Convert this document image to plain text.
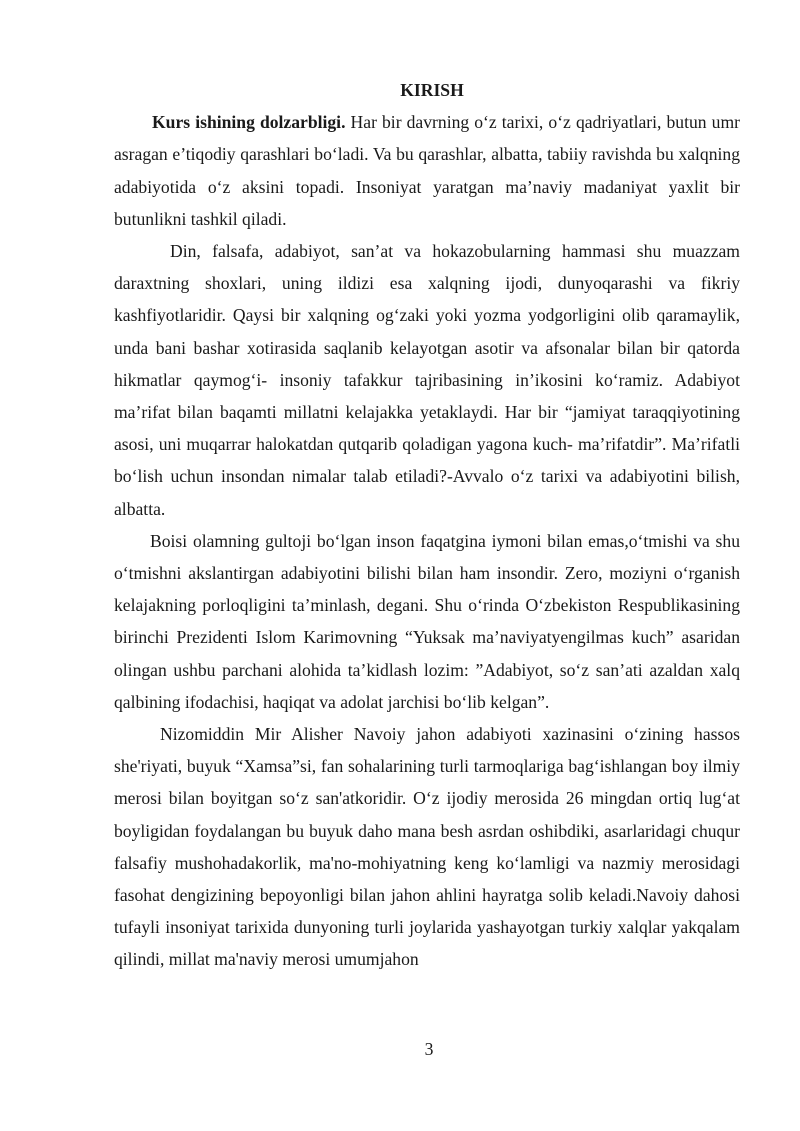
KIRISH

Kurs ishining dolzarbligi. Har bir davrning o‘z tarixi, o‘z qadriyatlari, butun umr asragan e’tiqodiy qarashlari bo‘ladi. Va bu qarashlar, albatta, tabiiy ravishda bu xalqning adabiyotida o‘z aksini topadi. Insoniyat yaratgan ma’naviy madaniyat yaxlit bir butunlikni tashkil qiladi.

Din, falsafa, adabiyot, san’at va hokazobularning hammasi shu muazzam daraxtning shoxlari, uning ildizi esa xalqning ijodi, dunyoqarashi va fikriy kashfiyotlaridir. Qaysi bir xalqning og‘zaki yoki yozma yodgorligini olib qaramaylik, unda bani bashar xotirasida saqlanib kelayotgan asotir va afsonalar bilan bir qatorda hikmatlar qaymog‘i- insoniy tafakkur tajribasining in’ikosini ko‘ramiz. Adabiyot ma’rifat bilan baqamti millatni kelajakka yetaklaydi. Har bir “jamiyat taraqqiyotining asosi, uni muqarrar halokatdan qutqarib qoladigan yagona kuch- ma’rifatdir”. Ma’rifatli bo‘lish uchun insondan nimalar talab etiladi?-Avvalo o‘z tarixi va adabiyotini bilish, albatta.

Boisi olamning gultoji bo‘lgan inson faqatgina iymoni bilan emas,o‘tmishi va shu o‘tmishni akslantirgan adabiyotini bilishi bilan ham insondir. Zero, moziyni o‘rganish kelajakning porloqligini ta’minlash, degani. Shu o‘rinda O‘zbekiston Respublikasining birinchi Prezidenti Islom Karimovning “Yuksak ma’naviyatyengilmas kuch” asaridan olingan ushbu parchani alohida ta’kidlash lozim: ”Adabiyot, so‘z san’ati azaldan xalq qalbining ifodachisi, haqiqat va adolat jarchisi bo‘lib kelgan”.

Nizomiddin Mir Alisher Navoiy jahon adabiyoti xazinasini o‘zining hassos she'riyati, buyuk “Xamsa”si, fan sohalarining turli tarmoqlariga bag‘ishlangan boy ilmiy merosi bilan boyitgan so‘z san'atkoridir. O‘z ijodiy merosida 26 mingdan ortiq lug‘at boyligidan foydalangan bu buyuk daho mana besh asrdan oshibdiki, asarlaridagi chuqur falsafiy mushohadakorlik, ma'no-mohiyatning keng ko‘lamligi va nazmiy merosidagi fasohat dengizining bepoyonligi bilan jahon ahlini hayratga solib keladi.Navoiy dahosi tufayli insoniyat tarixida dunyoning turli joylarida yashayotgan turkiy xalqlar yakqalam qilindi, millat ma'naviy merosi umumjahon

3
